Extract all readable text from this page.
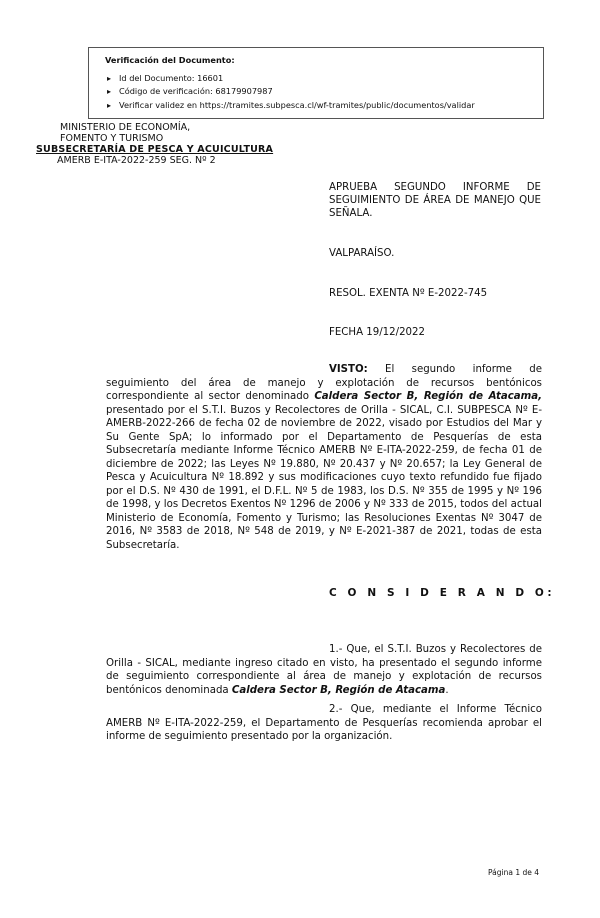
Verificación del Documento:
▸ Id del Documento: 16601
▸ Código de verificación: 68179907987
▸ Verificar validez en https://tramites.subpesca.cl/wf-tramites/public/documentos/validar
MINISTERIO DE ECONOMÍA,
FOMENTO Y TURISMO
SUBSECRETARÍA DE PESCA Y ACUICULTURA
AMERB E-ITA-2022-259 SEG. Nº 2
APRUEBA SEGUNDO INFORME DE SEGUIMIENTO DE ÁREA DE MANEJO QUE SEÑALA.
VALPARAÍSO.
RESOL. EXENTA Nº E-2022-745
FECHA 19/12/2022
VISTO: El segundo informe de seguimiento del área de manejo y explotación de recursos bentónicos correspondiente al sector denominado Caldera Sector B, Región de Atacama, presentado por el S.T.I. Buzos y Recolectores de Orilla - SICAL, C.I. SUBPESCA Nº E-AMERB-2022-266 de fecha 02 de noviembre de 2022, visado por Estudios del Mar y Su Gente SpA; lo informado por el Departamento de Pesquerías de esta Subsecretaría mediante Informe Técnico AMERB Nº E-ITA-2022-259, de fecha 01 de diciembre de 2022; las Leyes Nº 19.880, Nº 20.437 y Nº 20.657; la Ley General de Pesca y Acuicultura Nº 18.892 y sus modificaciones cuyo texto refundido fue fijado por el D.S. Nº 430 de 1991, el D.F.L. Nº 5 de 1983, los D.S. Nº 355 de 1995 y Nº 196 de 1998, y los Decretos Exentos Nº 1296 de 2006 y Nº 333 de 2015, todos del actual Ministerio de Economía, Fomento y Turismo; las Resoluciones Exentas Nº 3047 de 2016, Nº 3583 de 2018, Nº 548 de 2019, y Nº E-2021-387 de 2021, todas de esta Subsecretaría.
C O N S I D E R A N D O:
1.- Que, el S.T.I. Buzos y Recolectores de Orilla - SICAL, mediante ingreso citado en visto, ha presentado el segundo informe de seguimiento correspondiente al área de manejo y explotación de recursos bentónicos denominada Caldera Sector B, Región de Atacama.
2.- Que, mediante el Informe Técnico AMERB Nº E-ITA-2022-259, el Departamento de Pesquerías recomienda aprobar el informe de seguimiento presentado por la organización.
Página 1 de 4
